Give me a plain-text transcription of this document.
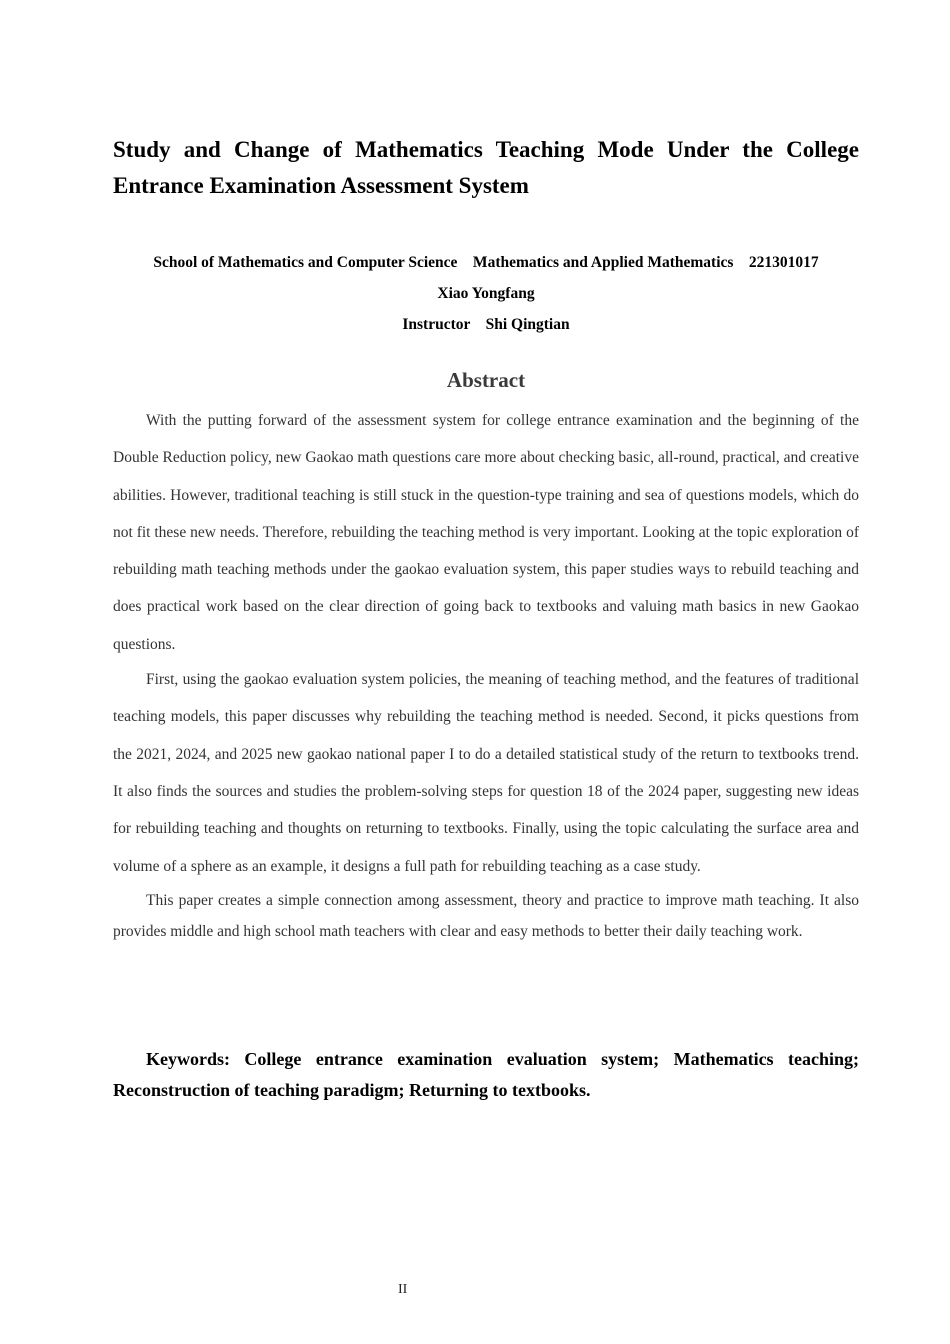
Study and Change of Mathematics Teaching Mode Under the College Entrance Examination Assessment System
School of Mathematics and Computer Science    Mathematics and Applied Mathematics    221301017
Xiao Yongfang
Instructor    Shi Qingtian
Abstract

With the putting forward of the assessment system for college entrance examination and the beginning of the Double Reduction policy, new Gaokao math questions care more about checking basic, all-round, practical, and creative abilities. However, traditional teaching is still stuck in the question-type training and sea of questions models, which do not fit these new needs. Therefore, rebuilding the teaching method is very important. Looking at the topic exploration of rebuilding math teaching methods under the gaokao evaluation system, this paper studies ways to rebuild teaching and does practical work based on the clear direction of going back to textbooks and valuing math basics in new Gaokao questions.

First, using the gaokao evaluation system policies, the meaning of teaching method, and the features of traditional teaching models, this paper discusses why rebuilding the teaching method is needed. Second, it picks questions from the 2021, 2024, and 2025 new gaokao national paper I to do a detailed statistical study of the return to textbooks trend. It also finds the sources and studies the problem-solving steps for question 18 of the 2024 paper, suggesting new ideas for rebuilding teaching and thoughts on returning to textbooks. Finally, using the topic calculating the surface area and volume of a sphere as an example, it designs a full path for rebuilding teaching as a case study.

This paper creates a simple connection among assessment, theory and practice to improve math teaching. It also provides middle and high school math teachers with clear and easy methods to better their daily teaching work.

Keywords: College entrance examination evaluation system; Mathematics teaching; Reconstruction of teaching paradigm; Returning to textbooks.

II
